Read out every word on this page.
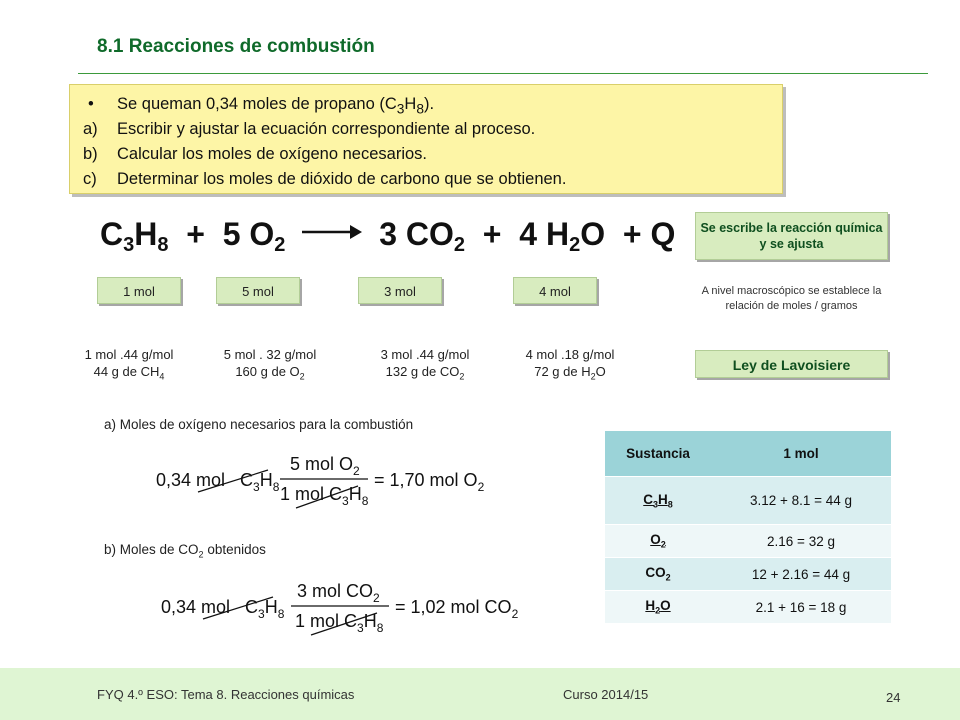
8.1 Reacciones de combustión
• Se queman 0,34 moles de propano $(C_3H_8)$.
a) Escribir y ajustar la ecuación correspondiente al proceso.
b) Calcular los moles de oxígeno necesarios.
c) Determinar los moles de dióxido de carbono que se obtienen.
$C_3H_8 + 5$ $O_2$	3 $CO_2 + 4$ $H_2O + Q$	Se escribe la reacción química y se ajusta
A nivel macroscópico se establece la relación de moles / gramos
Ley de Lavoisiere
1 mol	5 mol	3 mol	4 mol
1 mol .44 g/mol
44 g de $CH_4$
5 mol . 32 g/mol
160 g de $O_2$
3 mol .44 g/mol
132 g de $CO_2$
4 mol .18 g/mol
72 g de $H_2O$
a) Moles de oxígeno necesarios para la combustión
0,34 mol $C_3H_8$
5 mol $O_2$
1 mol $C_3H_8$
= 1,70 mol $O_2$
b) Moles de $CO_2$ obtenidos
0,34 mol $C_3H_8$
3 mol $CO_2$
1 mol $C_3H_8$
= 1,02 mol $CO_2$
Sustancia	1 mol
$C_3H_8$	3.12 + 8.1 = 44 g
$O_2$	2.16 = 32 g
$CO_2$	12 + 2.16 = 44 g
$H_2O$	2.1 + 16 = 18 g
FYQ 4.º ESO: Tema 8. Reacciones químicas	Curso 2014/15	24
